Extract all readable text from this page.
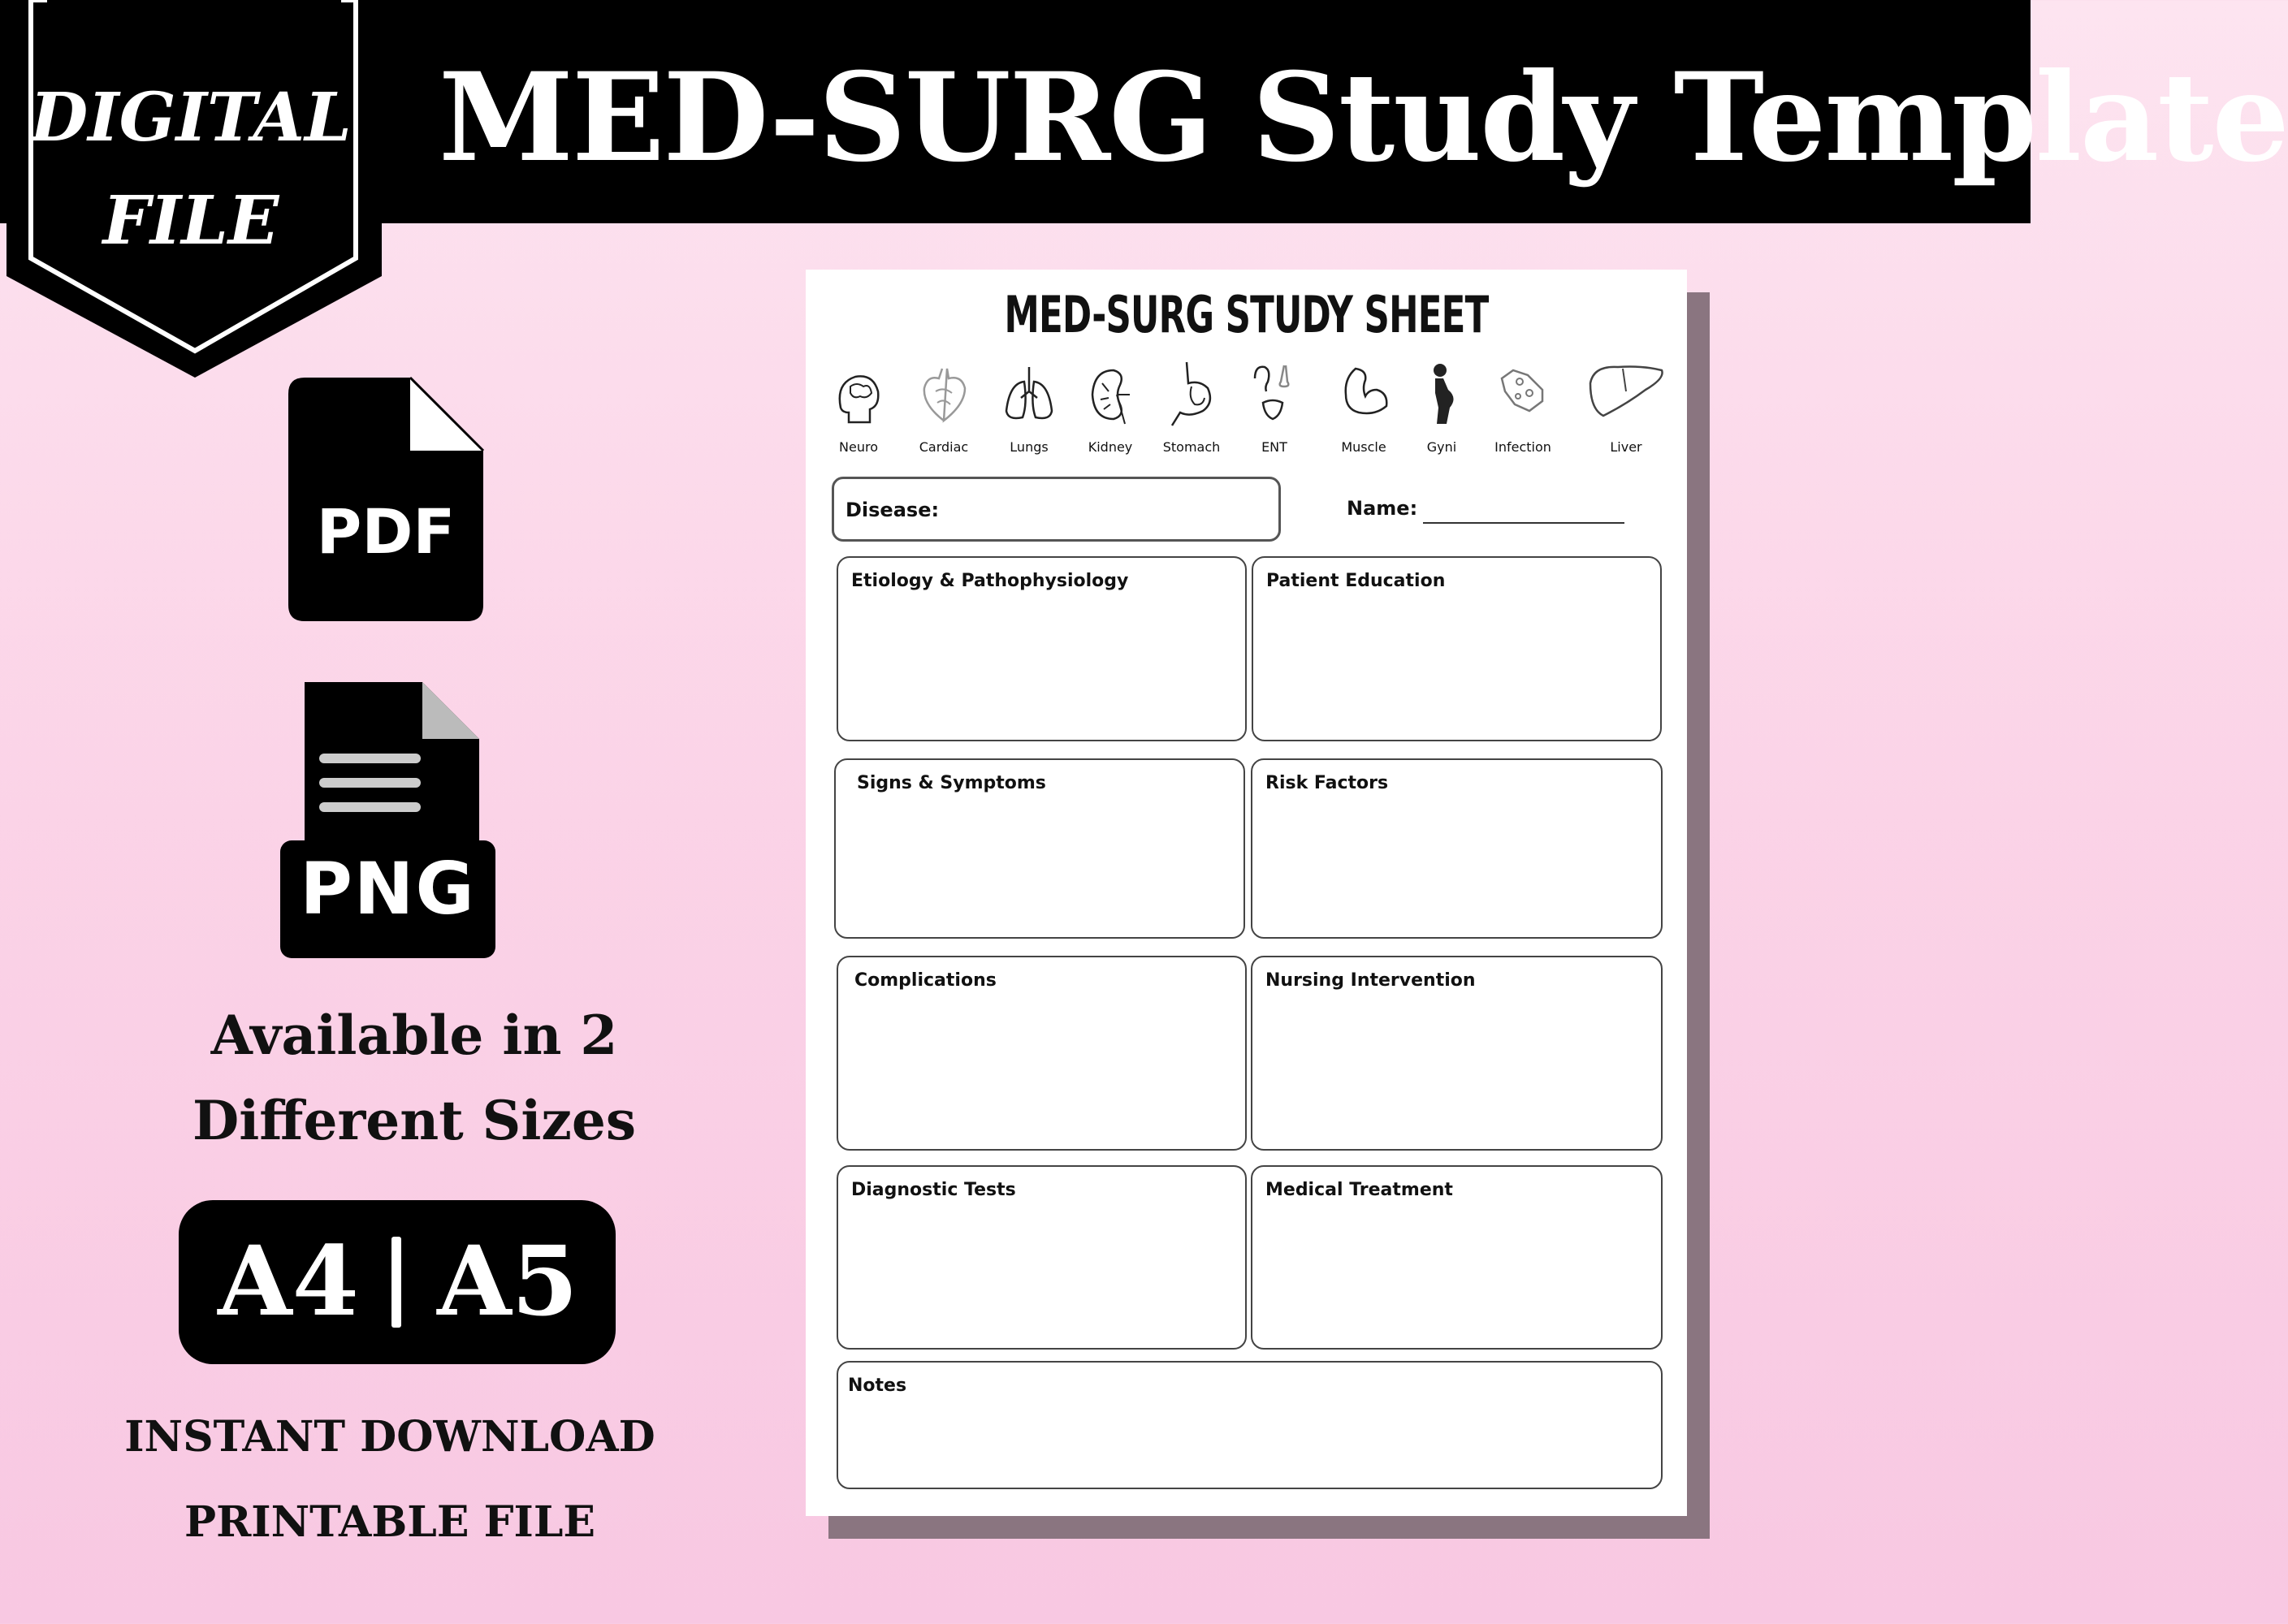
MED-SURG Study Template
DIGITAL
FILE
PDF
PNG
Available in 2
Different Sizes
A4 A5
INSTANT DOWNLOAD
PRINTABLE FILE
MED-SURG STUDY SHEET
Neuro	Cardiac	Lungs	Kidney	Stomach	ENT	Muscle	Gyni	Infection	Liver
Disease:	Name:
Etiology & Pathophysiology	Patient Education
Signs & Symptoms	Risk Factors
Complications	Nursing Intervention
Diagnostic Tests	Medical Treatment
Notes
